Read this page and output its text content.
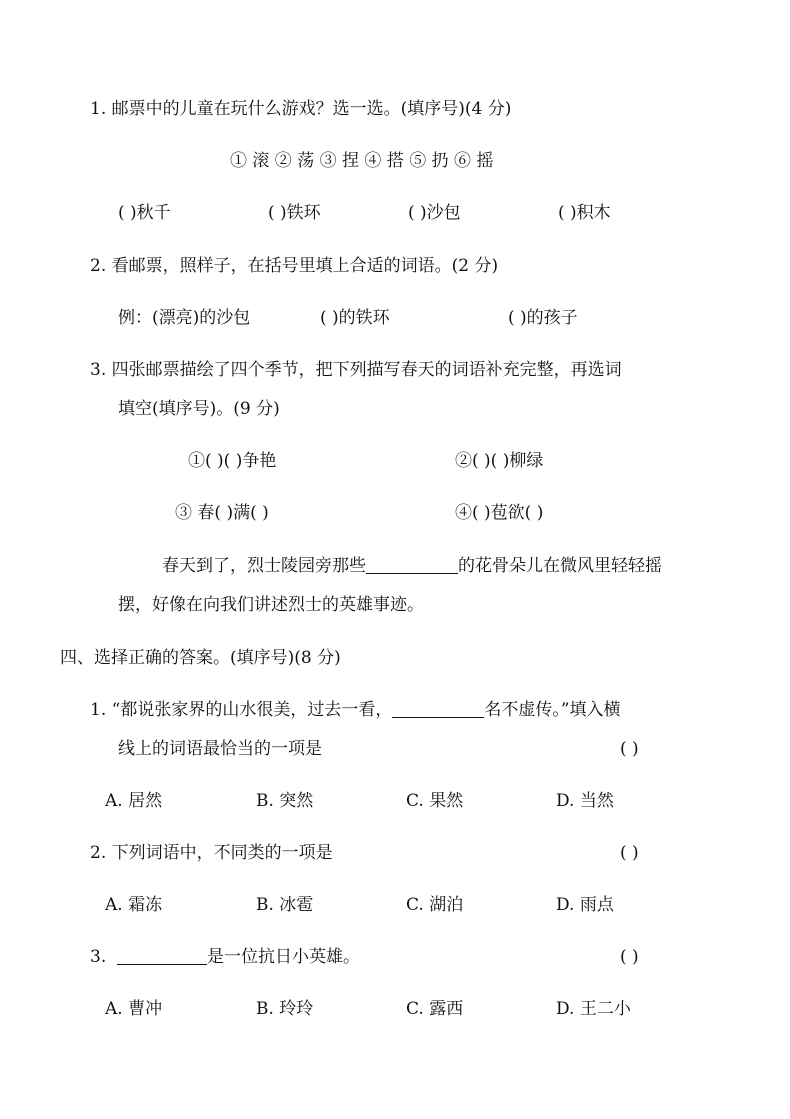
1. 邮票中的儿童在玩什么游戏？选一选。(填序号)(4 分)
① 滚 ② 荡 ③ 捏 ④ 搭 ⑤ 扔 ⑥ 摇
( )秋千	( )铁环	( )沙包	( )积木
2. 看邮票，照样子，在括号里填上合适的词语。(2 分)
例：(漂亮)的沙包	( )的铁环	( )的孩子
3. 四张邮票描绘了四个季节，把下列描写春天的词语补充完整，再选词
填空(填序号)。(9 分)
①( )( )争艳	②( )( )柳绿
③ 春( )满( )	④( )苞欲( )
春天到了，烈士陵园旁那些	的花骨朵儿在微风里轻轻摇
摆，好像在向我们讲述烈士的英雄事迹。
四、选择正确的答案。(填序号)(8 分)
1. “都说张家界的山水很美，过去一看，	名不虚传。”填入横
线上的词语最恰当的一项是	( )
A. 居然	B. 突然	C. 果然	D. 当然
2. 下列词语中，不同类的一项是	( )
A. 霜冻	B. 冰雹	C. 湖泊	D. 雨点
3.	是一位抗日小英雄。	( )
A. 曹冲	B. 玲玲	C. 露西	D. 王二小
